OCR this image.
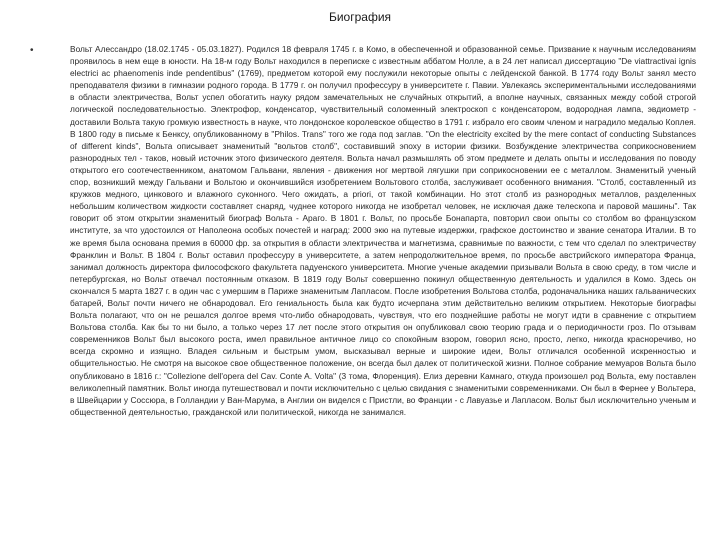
Биография
•	Вольт Алессандро (18.02.1745 - 05.03.1827). Родился 18 февраля 1745 г. в Комо, в обеспеченной и образованной семье. Призвание к научным исследованиям проявилось в нем еще в юности. На 18-м году Вольт находился в переписке с известным аббатом Нолле, а в 24 лет написал диссертацию "De viattractivai ignis electrici ac phaenomenis inde pendentibus" (1769), предметом которой ему послужили некоторые опыты с лейденской банкой. В 1774 году Вольт занял место преподавателя физики в гимназии родного города. В 1779 г. он получил профессуру в университете г. Павии. Увлекаясь экспериментальными исследованиями в области электричества, Вольт успел обогатить науку рядом замечательных не случайных открытий, а вполне научных, связанных между собой строгой логической последовательностью. Электрофор, конденсатор, чувствительный соломенный электроскоп с конденсатором, водородная лампа, эвдиометр - доставили Вольта такую громкую известность в науке, что лондонское королевское общество в 1791 г. избрало его своим членом и наградило медалью Коплея. В 1800 году в письме к Бенксу, опубликованному в "Philos. Trans" того же года под заглав. "On the electricity excited by the mere contact of conducting Substances of different kinds", Вольта описывает знаменитый "вольтов столб", составивший эпоху в истории физики. Возбуждение электричества соприкосновением разнородных тел - таков, новый источник этого физического деятеля. Вольта начал размышлять об этом предмете и делать опыты и исследования по поводу открытого его соотечественником, анатомом Гальвани, явления - движения ног мертвой лягушки при соприкосновении ее с металлом. Знаменитый ученый спор, возникший между Гальвани и Вольтою и окончившийся изобретением Вольтового столба, заслуживает особенного внимания. "Столб, составленный из кружков медного, цинкового и влажного суконного. Чего ожидать, a priori, от такой комбинации. Но этот столб из разнородных металлов, разделенных небольшим количеством жидкости составляет снаряд, чуднее которого никогда не изобретал человек, не исключая даже телескопа и паровой машины". Так говорит об этом открытии знаменитый биограф Вольта - Араго. В 1801 г. Вольт, по просьбе Бонапарта, повторил свои опыты со столбом во французском институте, за что удостоился от Наполеона особых почестей и наград: 2000 экю на путевые издержки, графское достоинство и звание сенатора Италии. В то же время была основана премия в 60000 фр. за открытия в области электричества и магнетизма, сравнимые по важности, с тем что сделал по электричеству Франклин и Вольт. В 1804 г. Вольт оставил профессуру в университете, а затем непродолжительное время, по просьбе австрийского императора Франца, занимал должность директора философского факультета падуенского университета. Многие ученые академии призывали Вольта в свою среду, в том числе и петербургская, но Вольт отвечал постоянным отказом. В 1819 году Вольт совершенно покинул общественную деятельность и удалился в Комо. Здесь он скончался 5 марта 1827 г. в один час с умершим в Париже знаменитым Лапласом. После изобретения Вольтова столба, родоначальника наших гальванических батарей, Вольт почти ничего не обнародовал. Его гениальность была как будто исчерпана этим действительно великим открытием. Некоторые биографы Вольта полагают, что он не решался долгое время что-либо обнародовать, чувствуя, что его позднейшие работы не могут идти в сравнение с открытием Вольтова столба. Как бы то ни было, а только через 17 лет после этого открытия он опубликовал свою теорию града и о периодичности гроз. По отзывам современников Вольт был высокого роста, имел правильное античное лицо со спокойным взором, говорил ясно, просто, легко, никогда красноречиво, но всегда скромно и изящно. Владея сильным и быстрым умом, высказывал верные и широкие идеи, Вольт отличался особенной искренностью и общительностью. Не смотря на высокое свое общественное положение, он всегда был далек от политической жизни. Полное собрание мемуаров Вольта было опубликовано в 1816 г.: "Collezione dell'opera del Cav. Conte A. Volta" (3 тома, Флоренция). Елиз деревни Камнаго, откуда произошел род Вольта, ему поставлен великолепный памятник. Вольт иногда путешествовал и почти исключительно с целью свидания с знаменитыми современниками. Он был в Фернее у Вольтера, в Швейцарии у Соссюра, в Голландии у Ван-Марума, в Англии он виделся с Пристли, во Франции - с Лавуазье и Лапласом. Вольт был исключительно ученым и общественной деятельностью, гражданской или политической, никогда не занимался.
